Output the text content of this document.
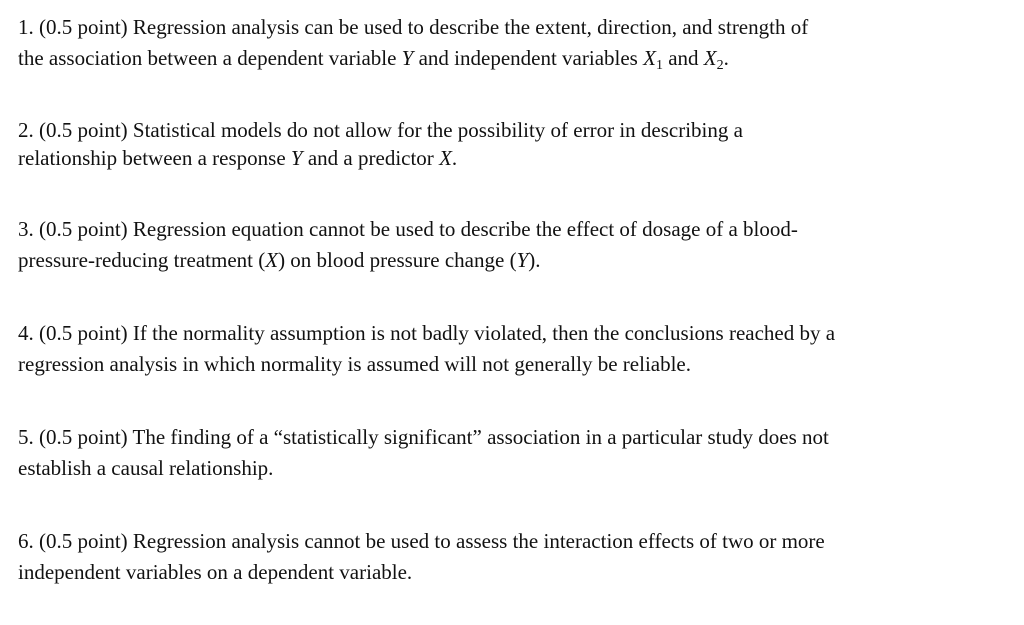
1. (0.5 point) Regression analysis can be used to describe the extent, direction, and strength of
the association between a dependent variable Y and independent variables $X_1$ and $X_2$.

2. (0.5 point) Statistical models do not allow for the possibility of error in describing a
relationship between a response Y and a predictor X.

3. (0.5 point) Regression equation cannot be used to describe the effect of dosage of a blood-
pressure-reducing treatment (X) on blood pressure change (Y).

4. (0.5 point) If the normality assumption is not badly violated, then the conclusions reached by a
regression analysis in which normality is assumed will not generally be reliable.

5. (0.5 point) The finding of a “statistically significant” association in a particular study does not
establish a causal relationship.

6. (0.5 point) Regression analysis cannot be used to assess the interaction effects of two or more
independent variables on a dependent variable.
